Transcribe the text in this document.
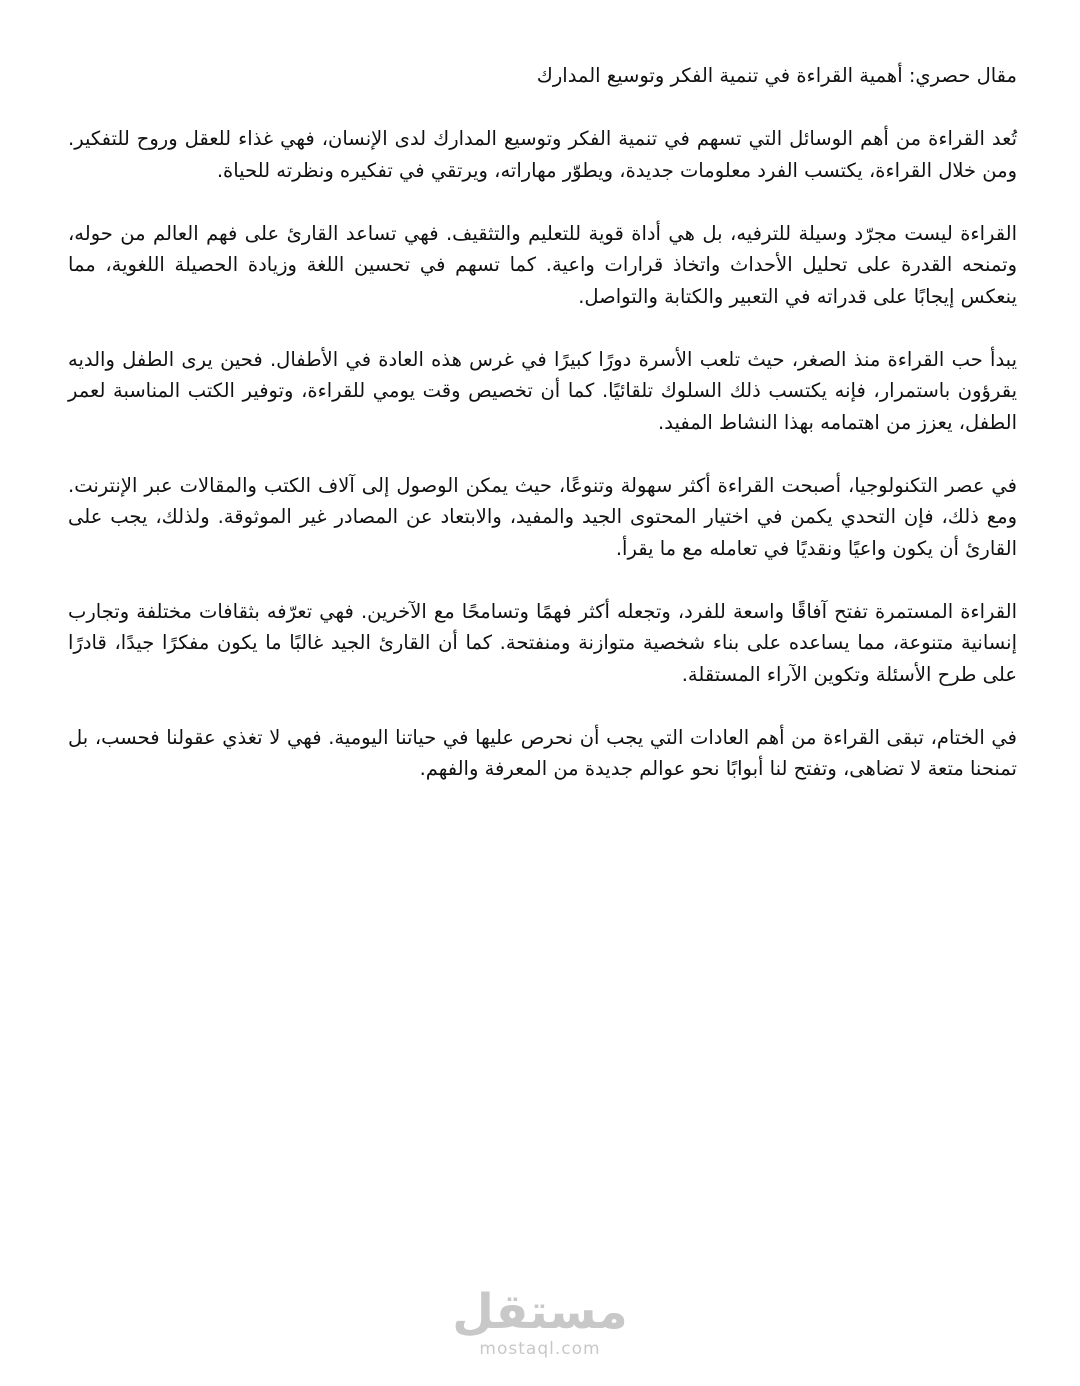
مقال حصري: أهمية القراءة في تنمية الفكر وتوسيع المدارك

تُعد القراءة من أهم الوسائل التي تسهم في تنمية الفكر وتوسيع المدارك لدى الإنسان، فهي غذاء للعقل وروح للتفكير. ومن خلال القراءة، يكتسب الفرد معلومات جديدة، ويطوّر مهاراته، ويرتقي في تفكيره ونظرته للحياة.

القراءة ليست مجرّد وسيلة للترفيه، بل هي أداة قوية للتعليم والتثقيف. فهي تساعد القارئ على فهم العالم من حوله، وتمنحه القدرة على تحليل الأحداث واتخاذ قرارات واعية. كما تسهم في تحسين اللغة وزيادة الحصيلة اللغوية، مما ينعكس إيجابًا على قدراته في التعبير والكتابة والتواصل.

يبدأ حب القراءة منذ الصغر، حيث تلعب الأسرة دورًا كبيرًا في غرس هذه العادة في الأطفال. فحين يرى الطفل والديه يقرؤون باستمرار، فإنه يكتسب ذلك السلوك تلقائيًا. كما أن تخصيص وقت يومي للقراءة، وتوفير الكتب المناسبة لعمر الطفل، يعزز من اهتمامه بهذا النشاط المفيد.

في عصر التكنولوجيا، أصبحت القراءة أكثر سهولة وتنوعًا، حيث يمكن الوصول إلى آلاف الكتب والمقالات عبر الإنترنت. ومع ذلك، فإن التحدي يكمن في اختيار المحتوى الجيد والمفيد، والابتعاد عن المصادر غير الموثوقة. ولذلك، يجب على القارئ أن يكون واعيًا ونقديًا في تعامله مع ما يقرأ.

القراءة المستمرة تفتح آفاقًا واسعة للفرد، وتجعله أكثر فهمًا وتسامحًا مع الآخرين. فهي تعرّفه بثقافات مختلفة وتجارب إنسانية متنوعة، مما يساعده على بناء شخصية متوازنة ومنفتحة. كما أن القارئ الجيد غالبًا ما يكون مفكرًا جيدًا، قادرًا على طرح الأسئلة وتكوين الآراء المستقلة.

في الختام، تبقى القراءة من أهم العادات التي يجب أن نحرص عليها في حياتنا اليومية. فهي لا تغذي عقولنا فحسب، بل تمنحنا متعة لا تضاهى، وتفتح لنا أبوابًا نحو عوالم جديدة من المعرفة والفهم.

مستقل
mostaql.com
